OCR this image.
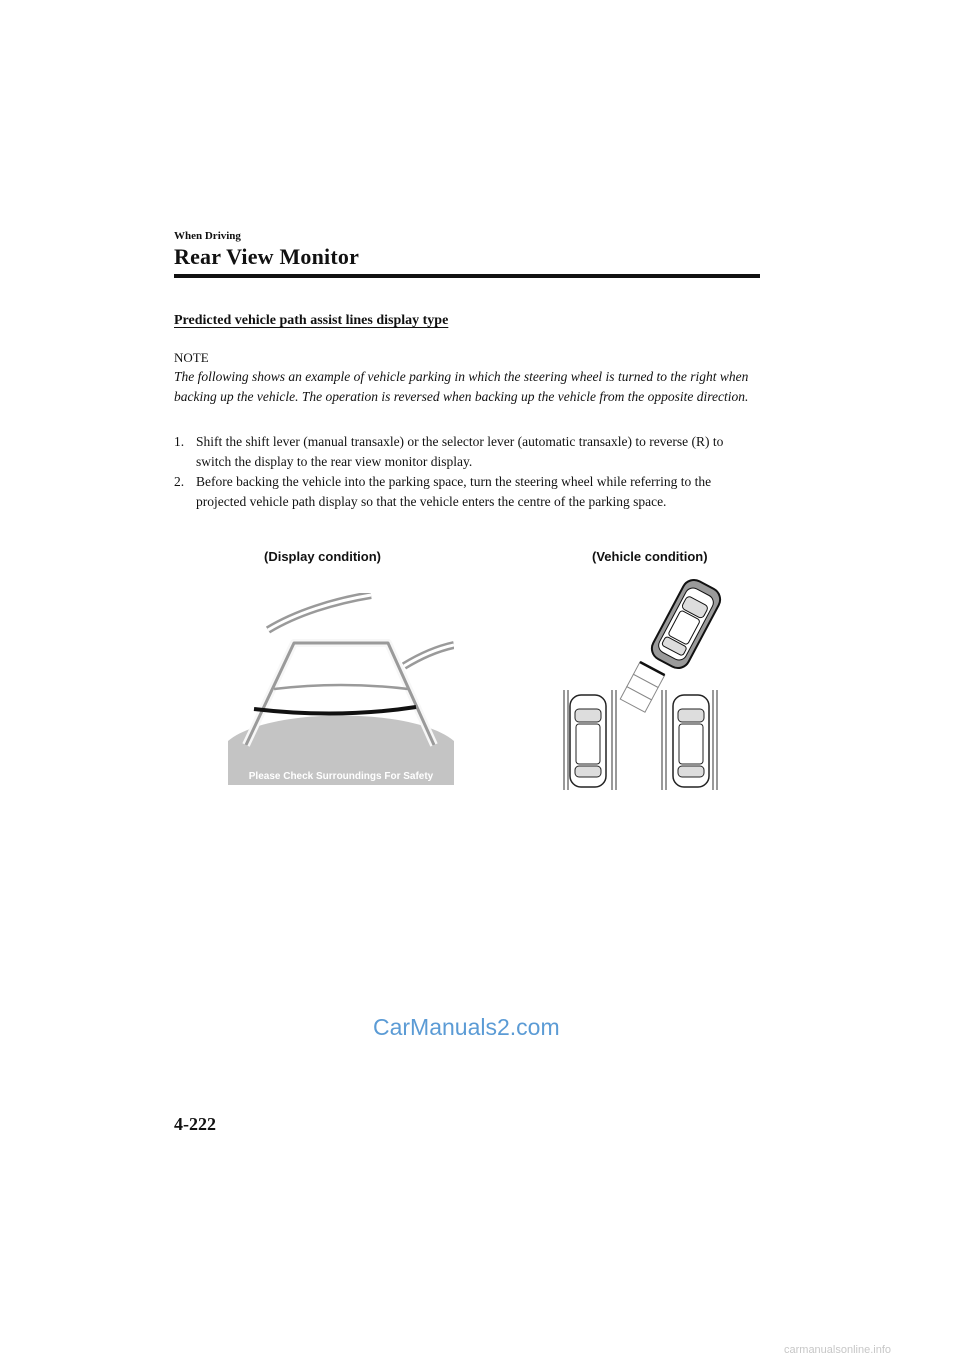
When Driving
Rear View Monitor
Predicted vehicle path assist lines display type
NOTE
The following shows an example of vehicle parking in which the steering wheel is turned to the right when backing up the vehicle. The operation is reversed when backing up the vehicle from the opposite direction.
1. Shift the shift lever (manual transaxle) or the selector lever (automatic transaxle) to reverse (R) to switch the display to the rear view monitor display.
2. Before backing the vehicle into the parking space, turn the steering wheel while referring to the projected vehicle path display so that the vehicle enters the centre of the parking space.
(Display condition)	(Vehicle condition)
Please Check Surroundings For Safety
CarManuals2.com
4-222
carmanualsonline.info
